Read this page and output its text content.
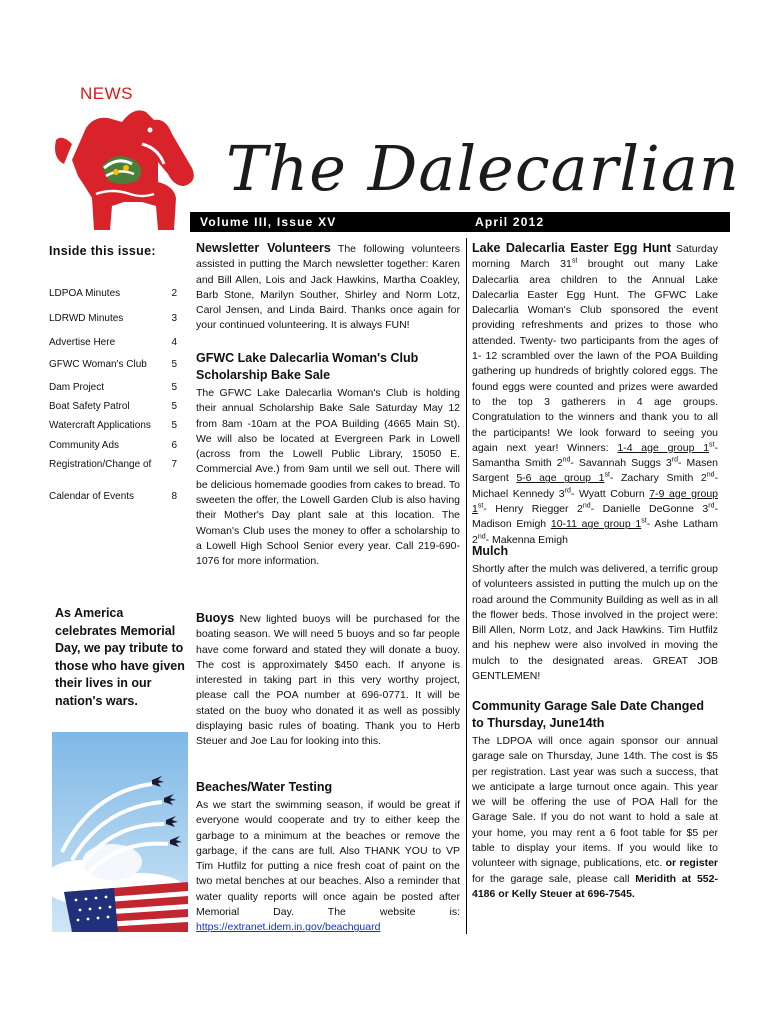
NEWS
The Dalecarlian
Volume III, Issue XV	April 2012
Inside this issue:
LDPOA Minutes	2
LDRWD Minutes	3
Advertise Here	4
GFWC Woman's Club 5
Dam Project	5
Boat Safety Patrol	5
Watercraft Applications 5
Community Ads	6
Registration/Change of 7
Calendar of Events	8
As America celebrates Memorial Day, we pay tribute to those who have given their lives in our nation's wars.
Newsletter Volunteers The following volunteers assisted in putting the March newsletter together: Karen and Bill Allen, Lois and Jack Hawkins, Martha Coakley, Barb Stone, Marilyn Souther, Shirley and Norm Lotz, Carol Jensen, and Linda Baird. Thanks once again for your continued volunteering. It is always FUN!
GFWC Lake Dalecarlia Woman's Club Scholarship Bake Sale
The GFWC Lake Dalecarlia Woman's Club is holding their annual Scholarship Bake Sale Saturday May 12 from 8am -10am at the POA Building (4665 Main St). We will also be located at Evergreen Park in Lowell (across from the Lowell Public Library, 15050 E. Commercial Ave.) from 9am until we sell out. There will be delicious homemade goodies from cakes to bread. To sweeten the offer, the Lowell Garden Club is also having their Mother's Day plant sale at this location. The Woman's Club uses the money to offer a scholarship to a Lowell High School Senior every year. Call 219-690-1076 for more information.
Buoys New lighted buoys will be purchased for the boating season. We will need 5 buoys and so far people have come forward and stated they will donate a buoy. The cost is approximately $450 each. If anyone is interested in taking part in this very worthy project, please call the POA number at 696-0771. It will be stated on the buoy who donated it as well as possibly displaying basic rules of boating. Thank you to Herb Steuer and Joe Lau for looking into this.
Beaches/Water Testing
As we start the swimming season, if would be great if everyone would cooperate and try to either keep the garbage to a minimum at the beaches or remove the garbage, if the cans are full. Also THANK YOU to VP Tim Hutfilz for putting a nice fresh coat of paint on the two metal benches at our beaches. Also a reminder that water quality reports will once again be posted after Memorial Day. The website is: https://extranet.idem.in.gov/beachguard
Lake Dalecarlia Easter Egg Hunt Saturday morning March 31st brought out many Lake Dalecarlia area children to the Annual Lake Dalecarlia Easter Egg Hunt. The GFWC Lake Dalecarlia Woman's Club sponsored the event providing refreshments and prizes to those who attended. Twenty- two participants from the ages of 1- 12 scrambled over the lawn of the POA Building gathering up hundreds of brightly colored eggs. The found eggs were counted and prizes were awarded to the top 3 gatherers in 4 age groups. Congratulation to the winners and thank you to all the participants! We look forward to seeing you again next year! Winners: 1-4 age group 1st- Samantha Smith 2nd- Savannah Suggs 3rd- Masen Sargent 5-6 age group 1st- Zachary Smith 2nd- Michael Kennedy 3rd- Wyatt Coburn 7-9 age group 1st- Henry Riegger 2nd- Danielle DeGonne 3rd- Madison Emigh 10-11 age group 1st- Ashe Latham 2nd- Makenna Emigh
Mulch
Shortly after the mulch was delivered, a terrific group of volunteers assisted in putting the mulch up on the road around the Community Building as well as in all the flower beds. Those involved in the project were: Bill Allen, Norm Lotz, and Jack Hawkins. Tim Hutfilz and his nephew were also involved in moving the mulch to the designated areas. GREAT JOB GENTLEMEN!
Community Garage Sale Date Changed to Thursday, June14th
The LDPOA will once again sponsor our annual garage sale on Thursday, June 14th. The cost is $5 per registration. Last year was such a success, that we anticipate a large turnout once again. This year we will be offering the use of POA Hall for the Garage Sale. If you do not want to hold a sale at your home, you may rent a 6 foot table for $5 per table to display your items. If you would like to volunteer with signage, publications, etc. or register for the garage sale, please call Meridith at 552-4186 or Kelly Steuer at 696-7545.
